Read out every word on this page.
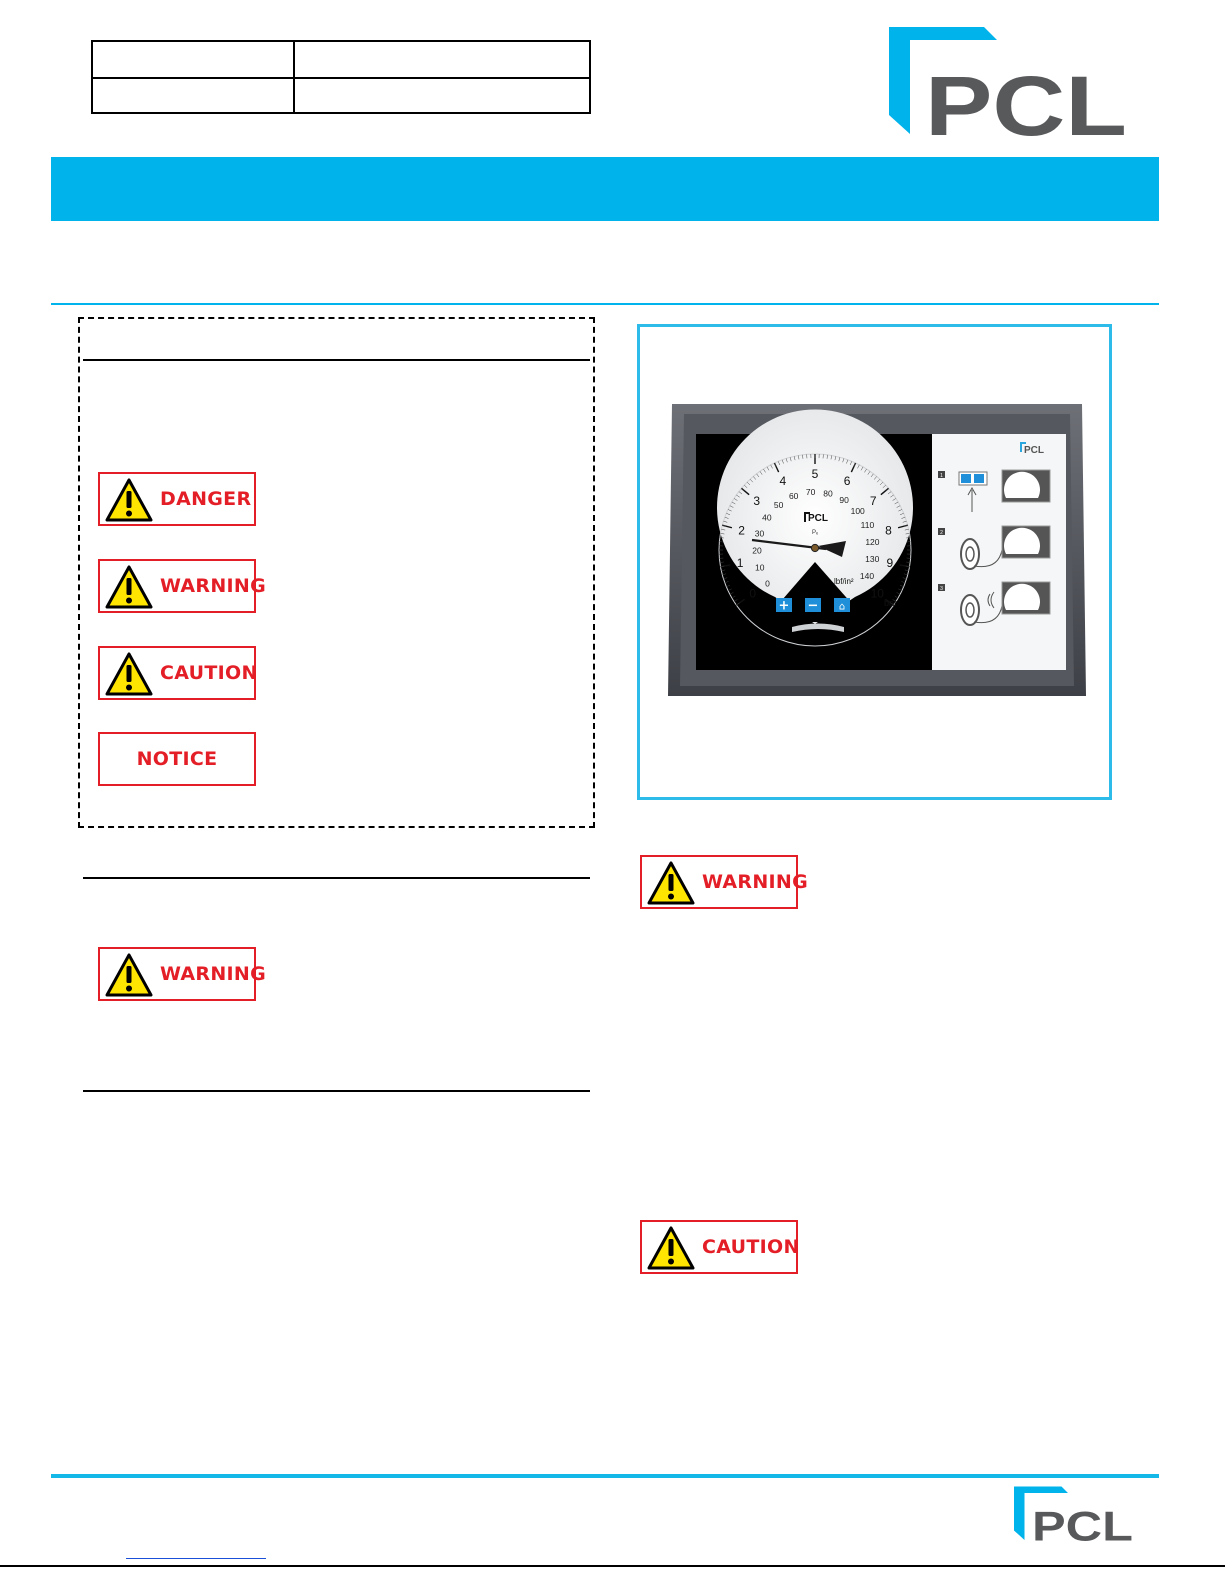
PCL
DANGER
WARNING
CAUTION
NOTICE
WARNING
0
1
2
3
4
5
6
7
8
9
10
0
10
20
30
40
50
60 70 80
90
100
110
120
130
140
PCL
Pₑ
bar
lbf/in²
+ − ⌂
PCL
1
2
3
WARNING
CAUTION
PCL
